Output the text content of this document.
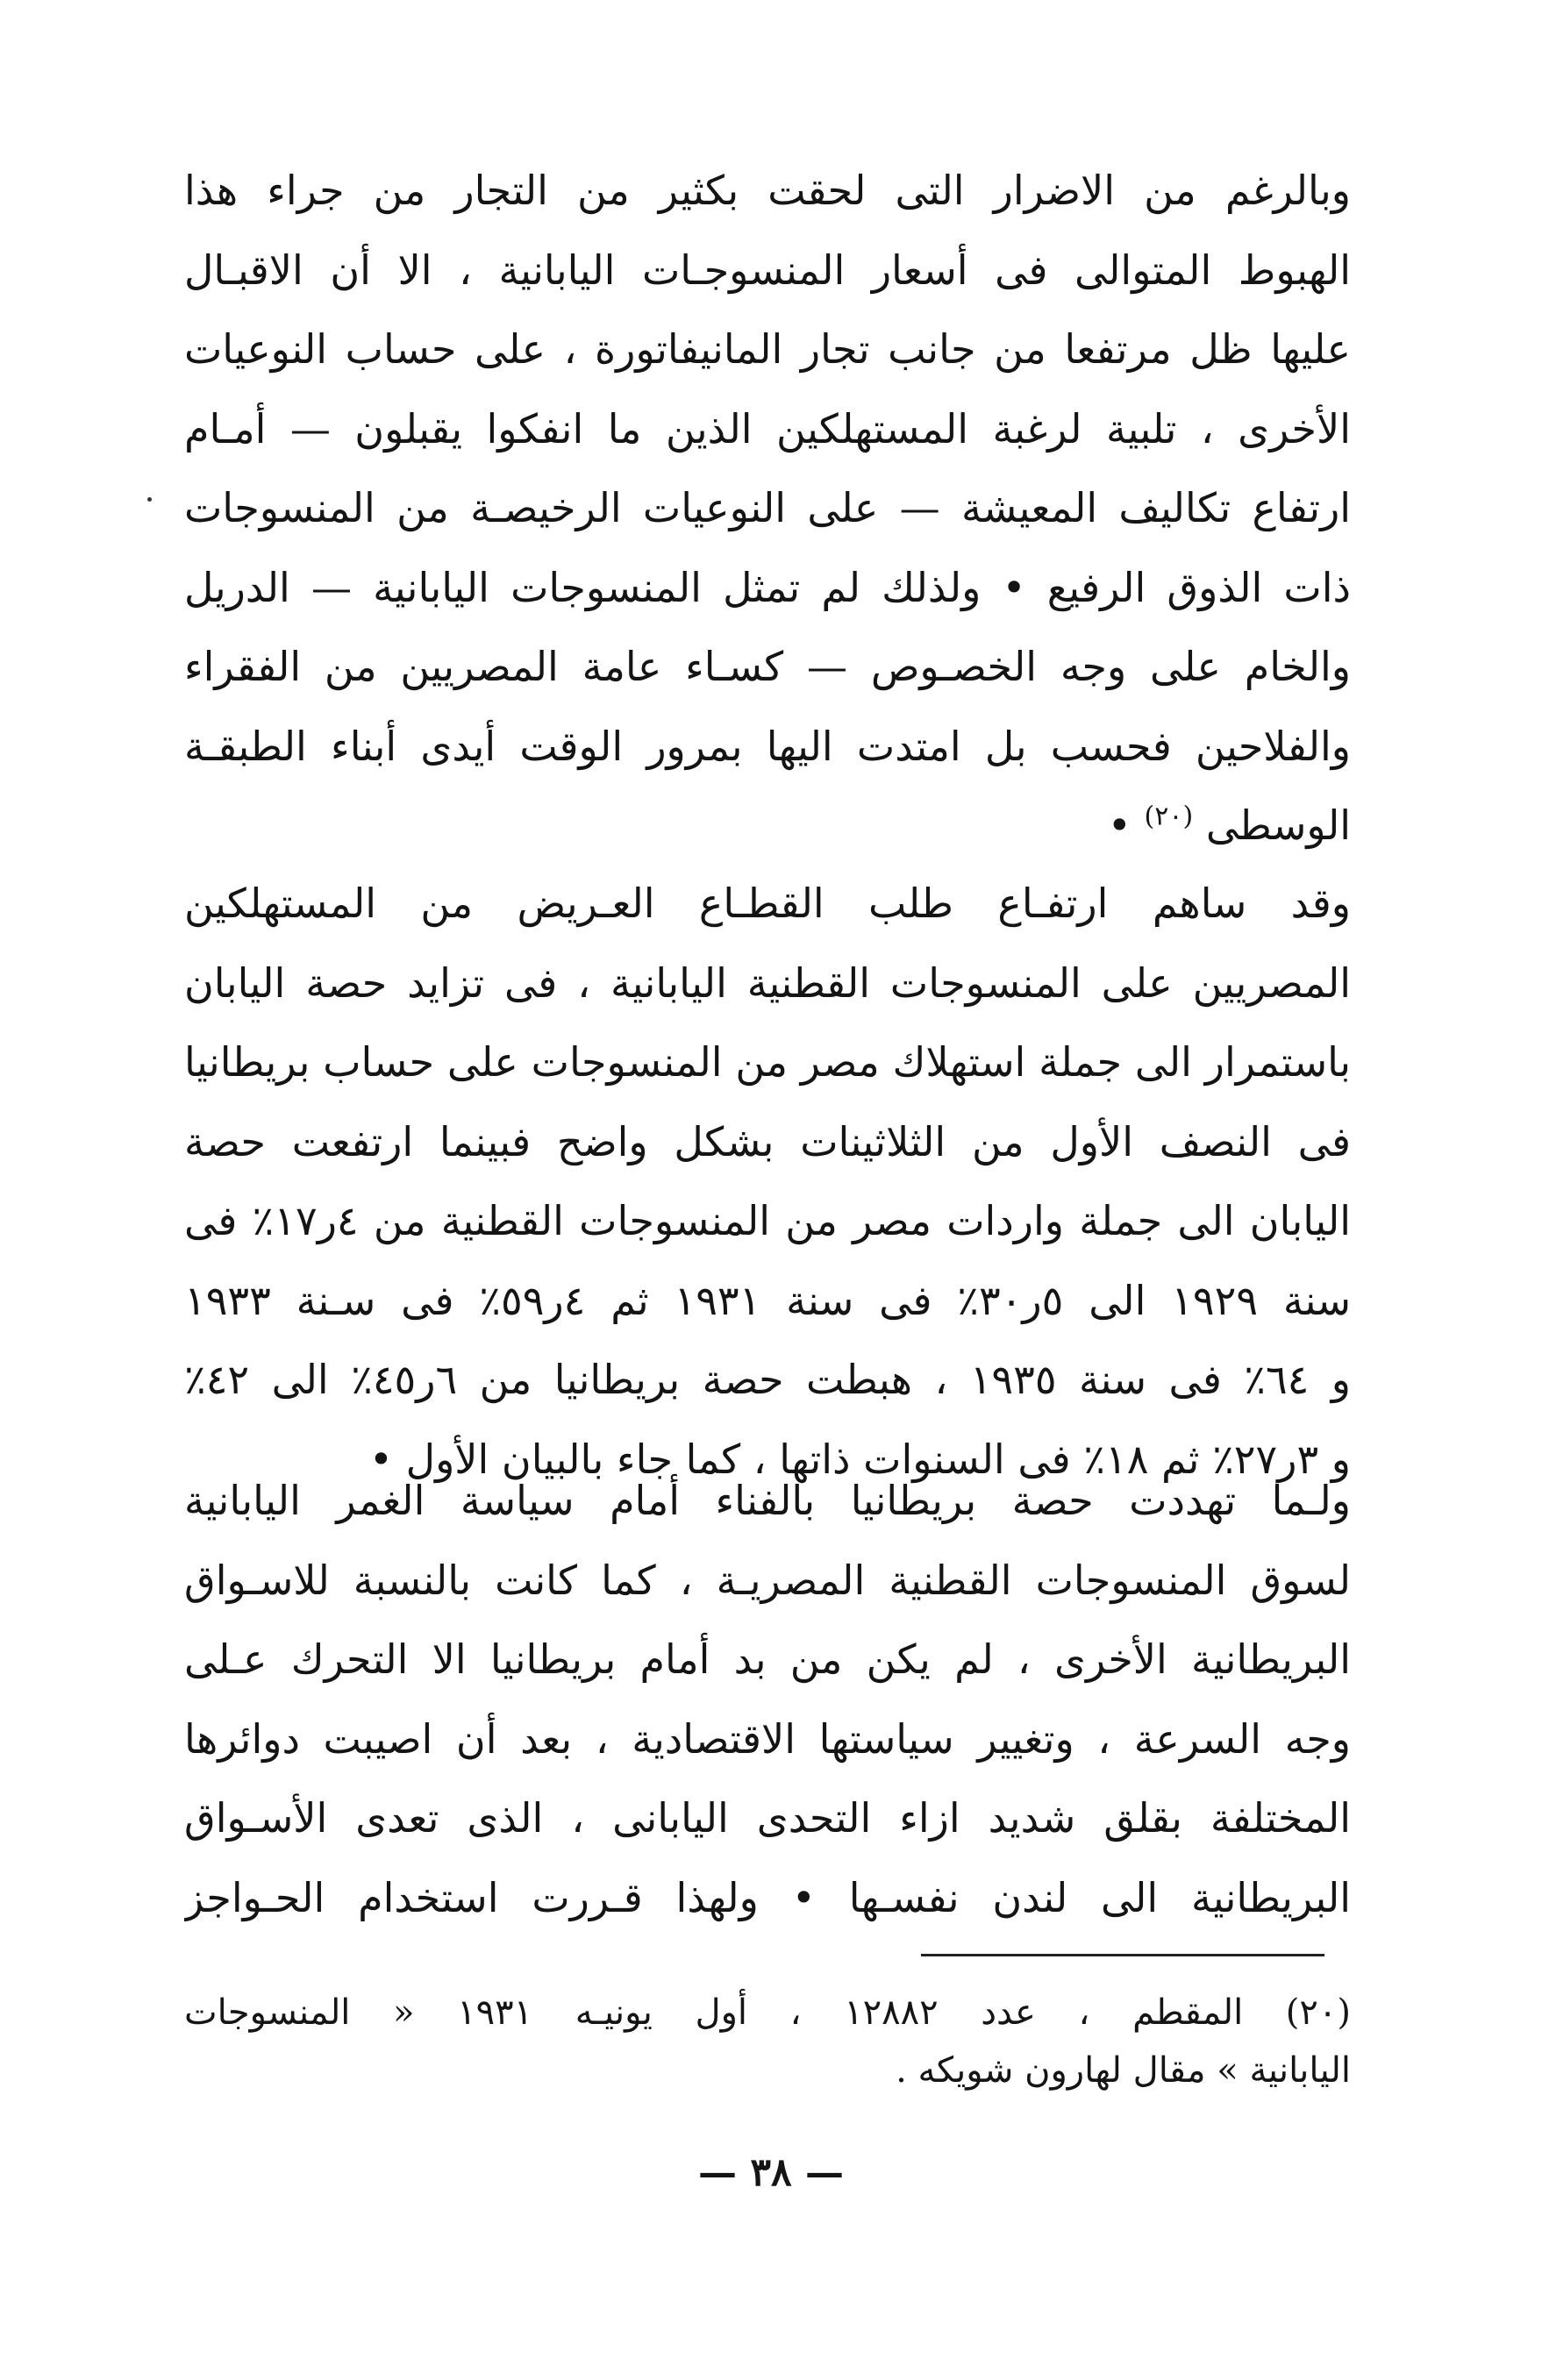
وبالرغم من الاضرار التى لحقت بكثير من التجار من جراء هذا
الهبوط المتوالى فى أسعار المنسوجـات اليابانية ، الا أن الاقبـال
عليها ظل مرتفعا من جانب تجار المانيفاتورة ، على حساب النوعيات
الأخرى ، تلبية لرغبة المستهلكين الذين ما انفكوا يقبلون — أمـام
ارتفاع تكاليف المعيشة — على النوعيات الرخيصـة من المنسوجات
ذات الذوق الرفيع • ولذلك لم تمثل المنسوجات اليابانية — الدريل
والخام على وجه الخصـوص — كسـاء عامة المصريين من الفقراء
والفلاحين فحسب بل امتدت اليها بمرور الوقت أيدى أبناء الطبقـة
الوسطى $^{(٢٠)}$ •
وقد ساهم ارتفـاع طلب القطـاع العـريض من المستهلكين
المصريين على المنسوجات القطنية اليابانية ، فى تزايد حصة اليابان
باستمرار الى جملة استهلاك مصر من المنسوجات على حساب بريطانيا
فى النصف الأول من الثلاثينات بشكل واضح فبينما ارتفعت حصة
اليابان الى جملة واردات مصر من المنسوجات القطنية من ٤ر١٧٪ فى
سنة ١٩٢٩ الى ٥ر٣٠٪ فى سنة ١٩٣١ ثم ٤ر٥٩٪ فى سـنة ١٩٣٣
و ٦٤٪ فى سنة ١٩٣٥ ، هبطت حصة بريطانيا من ٦ر٤٥٪ الى ٤٢٪
و ٣ر٢٧٪ ثم ١٨٪ فى السنوات ذاتها ، كما جاء بالبيان الأول •
ولـما تهددت حصة بريطانيا بالفناء أمام سياسة الغمر اليابانية
لسوق المنسوجات القطنية المصريـة ، كما كانت بالنسبة للاسـواق
البريطانية الأخرى ، لم يكن من بد أمام بريطانيا الا التحرك عـلى
وجه السرعة ، وتغيير سياستها الاقتصادية ، بعد أن اصيبت دوائرها
المختلفة بقلق شديد ازاء التحدى اليابانى ، الذى تعدى الأسـواق
البريطانية الى لندن نفسـها • ولهذا قـررت استخدام الحـواجز
(٢٠) المقطم ، عدد ١٢٨٨٢ ، أول يونيـه ١٩٣١ « المنسوجات
اليابانية » مقال لهارون شويكه .
— ٣٨ —
